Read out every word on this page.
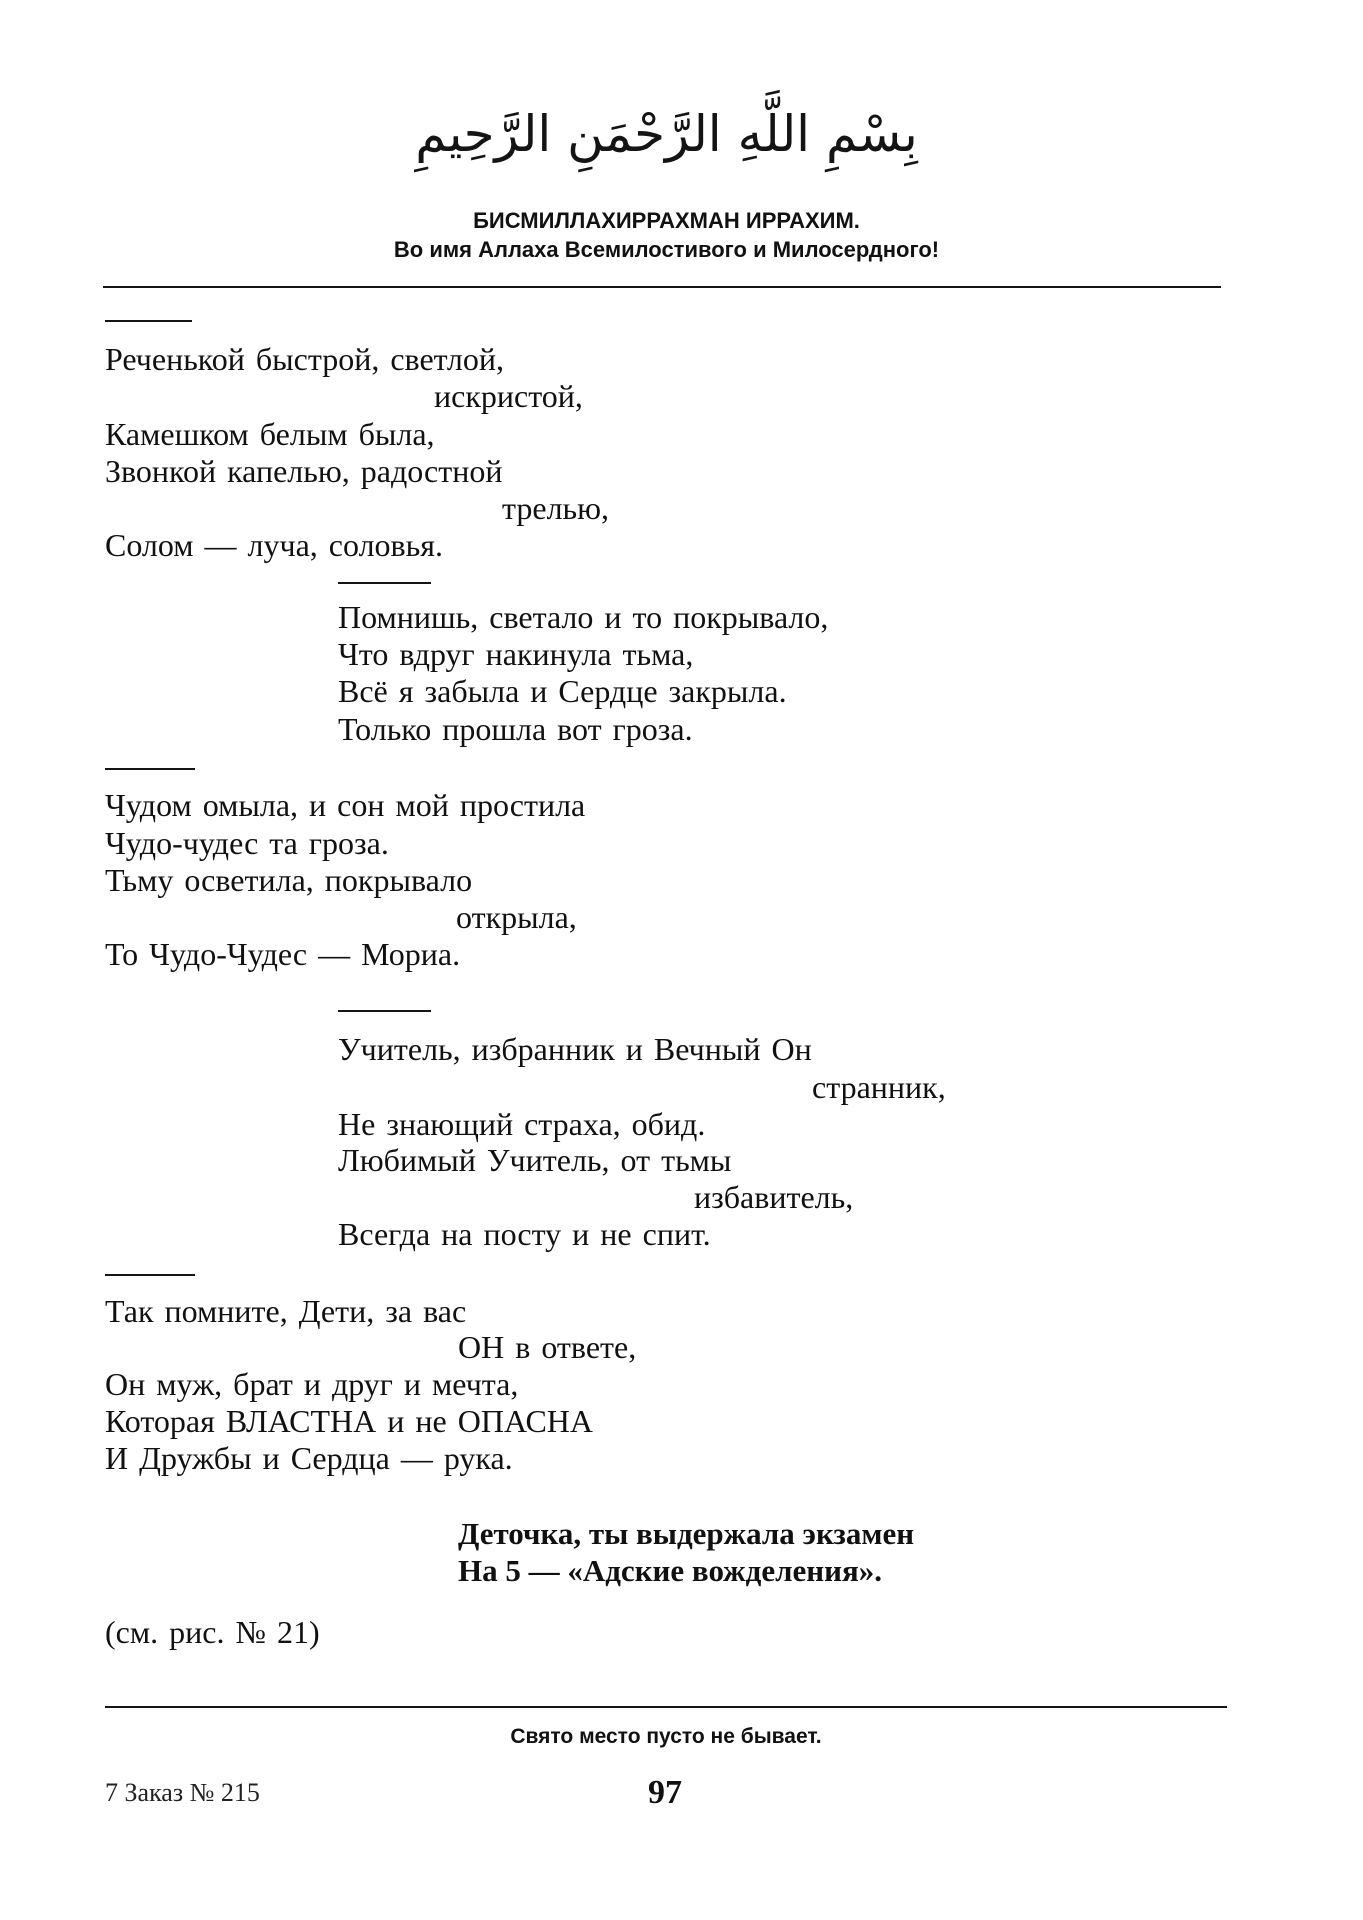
بِسْمِ اللَّهِ الرَّحْمَنِ الرَّحِيمِ
БИСМИЛЛАХИРРАХМАН ИРРАХИМ.
Во имя Аллаха Всемилостивого и Милосердного!
Реченькой быстрой, светлой,
искристой,
Камешком белым была,
Звонкой капелью, радостной
трелью,
Солом — луча, соловья.
Помнишь, светало и то покрывало,
Что вдруг накинула тьма,
Всё я забыла и Сердце закрыла.
Только прошла вот гроза.
Чудом омыла, и сон мой простила
Чудо-чудес та гроза.
Тьму осветила, покрывало
открыла,
То Чудо-Чудес — Мориа.
Учитель, избранник и Вечный Он
странник,
Не знающий страха, обид.
Любимый Учитель, от тьмы
избавитель,
Всегда на посту и не спит.
Так помните, Дети, за вас
ОН в ответе,
Он муж, брат и друг и мечта,
Которая ВЛАСТНА и не ОПАСНА
И Дружбы и Сердца — рука.
Деточка, ты выдержала экзамен
На 5 — «Адские вожделения».
(см. рис. № 21)
Свято место пусто не бывает.
7 Заказ № 215	97
